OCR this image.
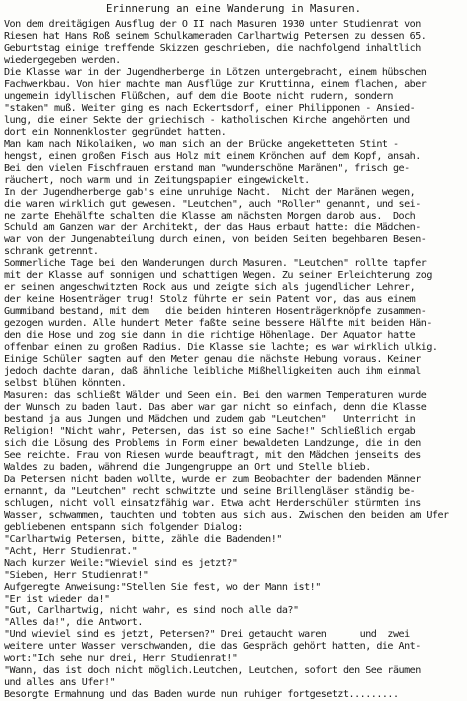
Erinnerung an eine Wanderung in Masuren.
Von dem dreitägigen Ausflug der O II nach Masuren 1930 unter Studienrat von
Riesen hat Hans Roß seinem Schulkameraden Carlhartwig Petersen zu dessen 65.
Geburtstag einige treffende Skizzen geschrieben, die nachfolgend inhaltlich
wiedergegeben werden.
Die Klasse war in der Jugendherberge in Lötzen untergebracht, einem hübschen
Fachwerkbau. Von hier machte man Ausflüge zur Kruttinna, einem flachen, aber
ungemein idyllischen Flüßchen, auf dem die Boote nicht rudern, sondern
"staken" muß. Weiter ging es nach Eckertsdorf, einer Philipponen - Ansied-
lung, die einer Sekte der griechisch - katholischen Kirche angehörten und
dort ein Nonnenkloster gegründet hatten.
Man kam nach Nikolaiken, wo man sich an der Brücke angeketteten Stint -
hengst, einen großen Fisch aus Holz mit einem Krönchen auf dem Kopf, ansah.
Bei den vielen Fischfrauen erstand man "wunderschöne Maränen", frisch ge-
räuchert, noch warm und in Zeitungspapier eingewickelt.
In der Jugendherberge gab's eine unruhige Nacht.  Nicht der Maränen wegen,
die waren wirklich gut gewesen. "Leutchen", auch "Roller" genannt, und sei-
ne zarte Ehehälfte schalten die Klasse am nächsten Morgen darob aus.  Doch
Schuld am Ganzen war der Architekt, der das Haus erbaut hatte: die Mädchen-
war von der Jungenabteilung durch einen, von beiden Seiten begehbaren Besen-
schrank getrennt.
Sommerliche Tage bei den Wanderungen durch Masuren. "Leutchen" rollte tapfer
mit der Klasse auf sonnigen und schattigen Wegen. Zu seiner Erleichterung zog
er seinen angeschwitzten Rock aus und zeigte sich als jugendlicher Lehrer,
der keine Hosenträger trug! Stolz führte er sein Patent vor, das aus einem
Gummiband bestand, mit dem   die beiden hinteren Hosenträgerknöpfe zusammen-
gezogen wurden. Alle hundert Meter faßte seine bessere Hälfte mit beiden Hän-
den die Hose und zog sie dann in die richtige Höhenlage. Der Äquator hatte
offenbar einen zu großen Radius. Die Klasse sie lachte; es war wirklich ulkig.
Einige Schüler sagten auf den Meter genau die nächste Hebung voraus. Keiner
jedoch dachte daran, daß ähnliche leibliche Mißhelligkeiten auch ihm einmal
selbst blühen könnten.
Masuren: das schließt Wälder und Seen ein. Bei den warmen Temperaturen wurde
der Wunsch zu baden laut. Das aber war gar nicht so einfach, denn die Klasse
bestand ja aus Jungen und Mädchen und zudem gab "Leutchen"   Unterricht in
Religion! "Nicht wahr, Petersen, das ist so eine Sache!" Schließlich ergab
sich die Lösung des Problems in Form einer bewaldeten Landzunge, die in den
See reichte. Frau von Riesen wurde beauftragt, mit den Mädchen jenseits des
Waldes zu baden, während die Jungengruppe an Ort und Stelle blieb.
Da Petersen nicht baden wollte, wurde er zum Beobachter der badenden Männer
ernannt, da "Leutchen" recht schwitzte und seine Brillengläser ständig be-
schlugen, nicht voll einsatzfähig war. Etwa acht Herderschüler stürmten ins
Wasser, schwammen, tauchten und tobten aus sich aus. Zwischen den beiden am Ufer
gebliebenen entspann sich folgender Dialog:
"Carlhartwig Petersen, bitte, zähle die Badenden!"
"Acht, Herr Studienrat."
Nach kurzer Weile:"Wieviel sind es jetzt?"
"Sieben, Herr Studienrat!"
Aufgeregte Anweisung:"Stellen Sie fest, wo der Mann ist!"
"Er ist wieder da!"
"Gut, Carlhartwig, nicht wahr, es sind noch alle da?"
"Alles da!", die Antwort.
"Und wieviel sind es jetzt, Petersen?" Drei getaucht waren      und  zwei
weitere unter Wasser verschwanden, die das Gespräch gehört hatten, die Ant-
wort:"Ich sehe nur drei, Herr Studienrat!"
"Wann, das ist doch nicht möglich.Leutchen, Leutchen, sofort den See räumen
und alles ans Ufer!"
Besorgte Ermahnung und das Baden wurde nun ruhiger fortgesetzt.........
